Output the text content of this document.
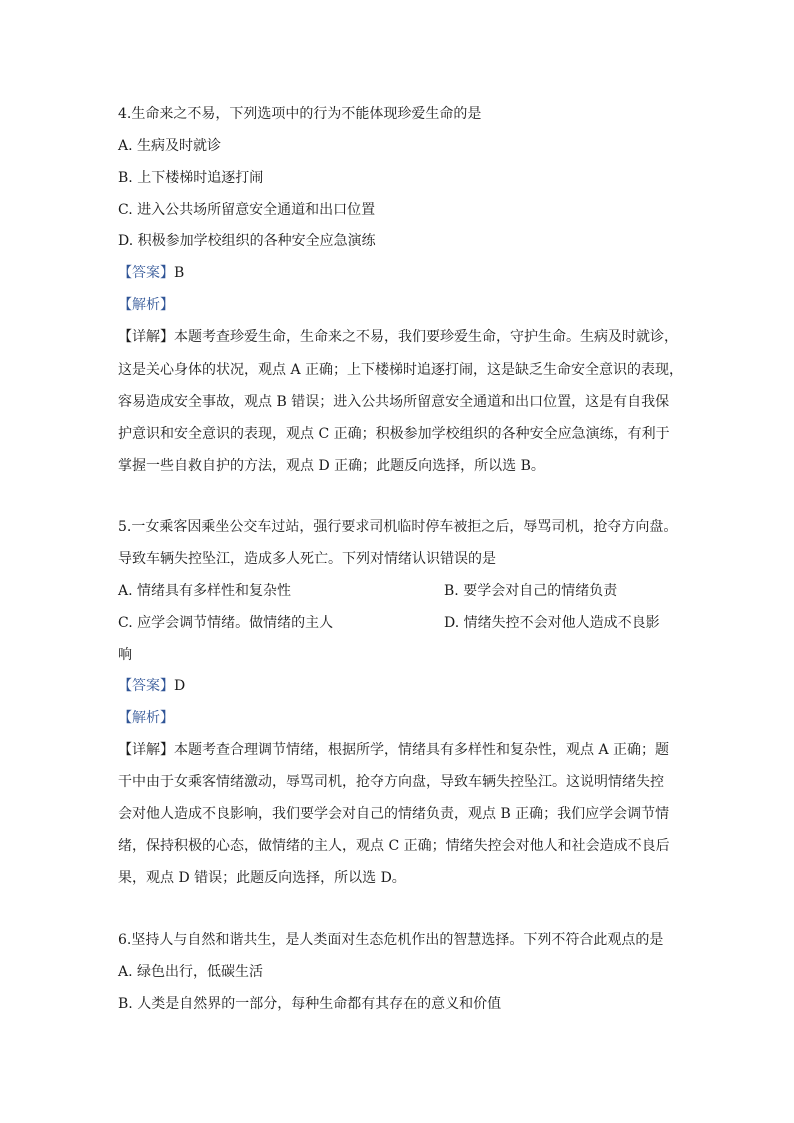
4.生命来之不易，下列选项中的行为不能体现珍爱生命的是
A. 生病及时就诊
B. 上下楼梯时追逐打闹
C. 进入公共场所留意安全通道和出口位置
D. 积极参加学校组织的各种安全应急演练
【答案】B
【解析】
【详解】本题考查珍爱生命，生命来之不易，我们要珍爱生命，守护生命。生病及时就诊，
这是关心身体的状况，观点 A 正确；上下楼梯时追逐打闹，这是缺乏生命安全意识的表现，
容易造成安全事故，观点 B 错误；进入公共场所留意安全通道和出口位置，这是有自我保
护意识和安全意识的表现，观点 C 正确；积极参加学校组织的各种安全应急演练，有利于
掌握一些自救自护的方法，观点 D 正确；此题反向选择，所以选 B。
5.一女乘客因乘坐公交车过站，强行要求司机临时停车被拒之后，辱骂司机，抢夺方向盘。
导致车辆失控坠江，造成多人死亡。下列对情绪认识错误的是
A. 情绪具有多样性和复杂性	B. 要学会对自己的情绪负责
C. 应学会调节情绪。做情绪的主人	D. 情绪失控不会对他人造成不良影
响
【答案】D
【解析】
【详解】本题考查合理调节情绪，根据所学，情绪具有多样性和复杂性，观点 A 正确；题
干中由于女乘客情绪激动，辱骂司机，抢夺方向盘，导致车辆失控坠江。这说明情绪失控
会对他人造成不良影响，我们要学会对自己的情绪负责，观点 B 正确；我们应学会调节情
绪，保持积极的心态，做情绪的主人，观点 C 正确；情绪失控会对他人和社会造成不良后
果，观点 D 错误；此题反向选择，所以选 D。
6.坚持人与自然和谐共生，是人类面对生态危机作出的智慧选择。下列不符合此观点的是
A. 绿色出行，低碳生活
B. 人类是自然界的一部分，每种生命都有其存在的意义和价值
